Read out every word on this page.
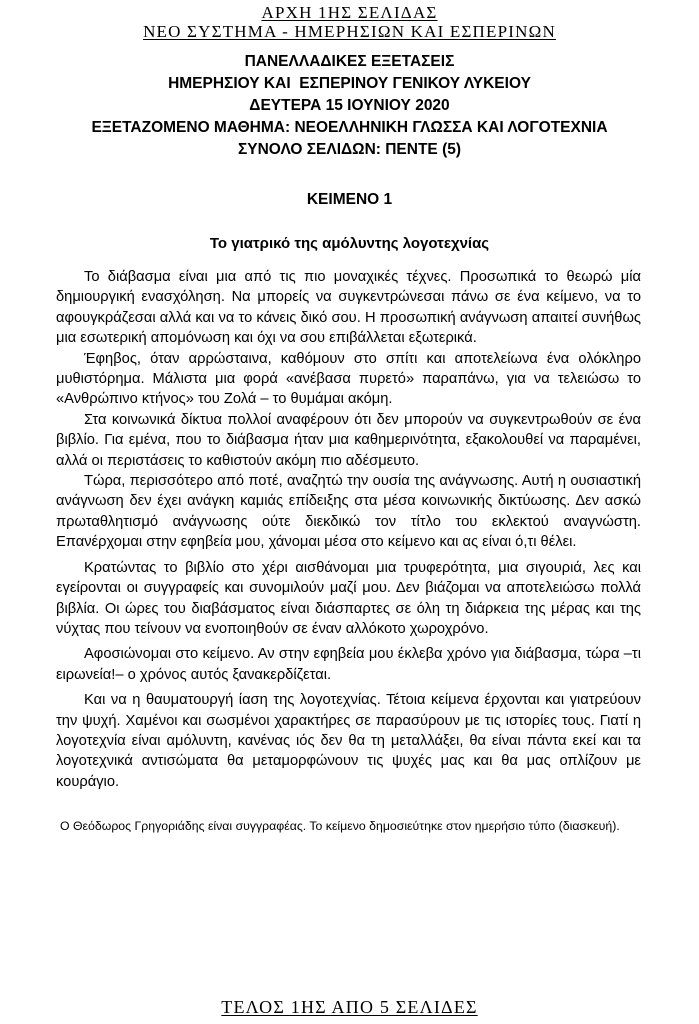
ΑΡΧΗ 1ΗΣ ΣΕΛΙΔΑΣ
ΝΕΟ ΣΥΣΤΗΜΑ - ΗΜΕΡΗΣΙΩΝ ΚΑΙ ΕΣΠΕΡΙΝΩΝ
ΠΑΝΕΛΛΑΔΙΚΕΣ ΕΞΕΤΑΣΕΙΣ
ΗΜΕΡΗΣΙΟΥ ΚΑΙ  ΕΣΠΕΡΙΝΟΥ ΓΕΝΙΚΟΥ ΛΥΚΕΙΟΥ
ΔΕΥΤΕΡΑ 15 ΙΟΥΝΙΟΥ 2020
ΕΞΕΤΑΖΟΜΕΝΟ ΜΑΘΗΜΑ: ΝΕΟΕΛΛΗΝΙΚΗ ΓΛΩΣΣΑ ΚΑΙ ΛΟΓΟΤΕΧΝΙΑ
ΣΥΝΟΛΟ ΣΕΛΙΔΩΝ: ΠΕΝΤΕ (5)
ΚΕΙΜΕΝΟ 1
Το γιατρικό της αμόλυντης λογοτεχνίας

Το διάβασμα είναι μια από τις πιο μοναχικές τέχνες. Προσωπικά το θεωρώ μία δημιουργική ενασχόληση. Να μπορείς να συγκεντρώνεσαι πάνω σε ένα κείμενο, να το αφουγκράζεσαι αλλά και να το κάνεις δικό σου. Η προσωπική ανάγνωση απαιτεί συνήθως μια εσωτερική απομόνωση και όχι να σου επιβάλλεται εξωτερικά.

Έφηβος, όταν αρρώσταινα, καθόμουν στο σπίτι και αποτελείωνα ένα ολόκληρο μυθιστόρημα. Μάλιστα μια φορά «ανέβασα πυρετό» παραπάνω, για να τελειώσω το «Ανθρώπινο κτήνος» του Ζολά – το θυμάμαι ακόμη.

Στα κοινωνικά δίκτυα πολλοί αναφέρουν ότι δεν μπορούν να συγκεντρωθούν σε ένα βιβλίο. Για εμένα, που το διάβασμα ήταν μια καθημερινότητα, εξακολουθεί να παραμένει, αλλά οι περιστάσεις το καθιστούν ακόμη πιο αδέσμευτο.

Τώρα, περισσότερο από ποτέ, αναζητώ την ουσία της ανάγνωσης. Αυτή η ουσιαστική ανάγνωση δεν έχει ανάγκη καμιάς επίδειξης στα μέσα κοινωνικής δικτύωσης. Δεν ασκώ πρωταθλητισμό ανάγνωσης ούτε διεκδικώ τον τίτλο του εκλεκτού αναγνώστη. Επανέρχομαι στην εφηβεία μου, χάνομαι μέσα στο κείμενο και ας είναι ό,τι θέλει.

Κρατώντας το βιβλίο στο χέρι αισθάνομαι μια τρυφερότητα, μια σιγουριά, λες και εγείρονται οι συγγραφείς και συνομιλούν μαζί μου. Δεν βιάζομαι να αποτελειώσω πολλά βιβλία. Οι ώρες του διαβάσματος είναι διάσπαρτες σε όλη τη διάρκεια της μέρας και της νύχτας που τείνουν να ενοποιηθούν σε έναν αλλόκοτο χωροχρόνο.

Αφοσιώνομαι στο κείμενο. Αν στην εφηβεία μου έκλεβα χρόνο για διάβασμα, τώρα –τι ειρωνεία!– ο χρόνος αυτός ξανακερδίζεται.

Και να η θαυματουργή ίαση της λογοτεχνίας. Τέτοια κείμενα έρχονται και γιατρεύουν την ψυχή. Χαμένοι και σωσμένοι χαρακτήρες σε παρασύρουν με τις ιστορίες τους. Γιατί η λογοτεχνία είναι αμόλυντη, κανένας ιός δεν θα τη μεταλλάξει, θα είναι πάντα εκεί και τα λογοτεχνικά αντισώματα θα μεταμορφώνουν τις ψυχές μας και θα μας οπλίζουν με κουράγιο.

Ο Θεόδωρος Γρηγοριάδης είναι συγγραφέας. Το κείμενο δημοσιεύτηκε στον ημερήσιο τύπο (διασκευή).
ΤΕΛΟΣ 1ΗΣ ΑΠΟ 5 ΣΕΛΙΔΕΣ
